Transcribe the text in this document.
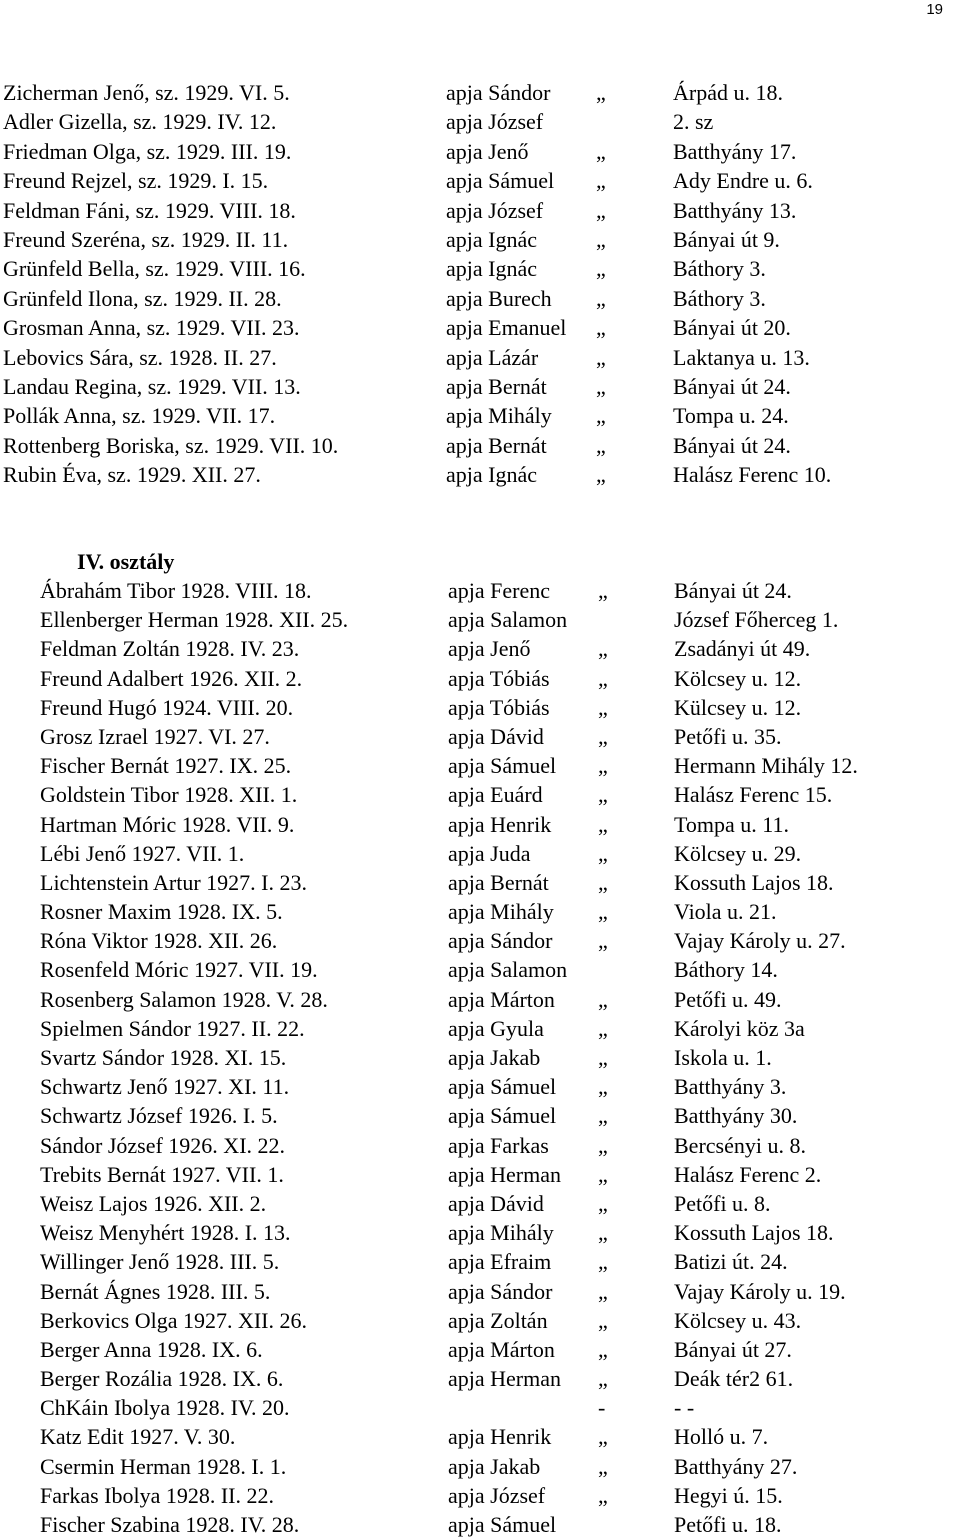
19
Zicherman Jenő, sz. 1929. VI. 5.	apja Sándor „	Árpád u. 18.
Adler Gizella, sz. 1929. IV. 12.	apja József	2. sz
Friedman Olga, sz. 1929. III. 19.	apja Jenő	„	Batthyány 17.
Freund Rejzel, sz. 1929. I. 15.	apja Sámuel „	Ady Endre u. 6.
Feldman Fáni, sz. 1929. VIII. 18.	apja József „	Batthyány 13.
Freund Szeréna, sz. 1929. II. 11.	apja Ignác	„	Bányai út 9.
Grünfeld Bella, sz. 1929. VIII. 16.	apja Ignác	„	Báthory 3.
Grünfeld Ilona, sz. 1929. II. 28.	apja Burech „	Báthory 3.
Grosman Anna, sz. 1929. VII. 23.	apja Emanuel „	Bányai út 20.
Lebovics Sára, sz. 1928. II. 27.	apja Lázár	„	Laktanya u. 13.
Landau Regina, sz. 1929. VII. 13.	apja Bernát „	Bányai út 24.
Pollák Anna, sz. 1929. VII. 17.	apja Mihály „	Tompa u. 24.
Rottenberg Boriska, sz. 1929. VII. 10.	apja Bernát „	Bányai út 24.
Rubin Éva, sz. 1929. XII. 27.	apja Ignác	„	Halász Ferenc 10.
IV. osztály
Ábrahám Tibor 1928. VIII. 18.	apja Ferenc „	Bányai út 24.
Ellenberger Herman 1928. XII. 25.	apja Salamon	József Főherceg 1.
Feldman Zoltán 1928. IV. 23.	apja Jenő	„	Zsadányi út 49.
Freund Adalbert 1926. XII. 2.	apja Tóbiás „	Kölcsey u. 12.
Freund Hugó 1924. VIII. 20.	apja Tóbiás „	Külcsey u. 12.
Grosz Izrael 1927. VI. 27.	apja Dávid „	Petőfi u. 35.
Fischer Bernát 1927. IX. 25.	apja Sámuel „	Hermann Mihály 12.
Goldstein Tibor 1928. XII. 1.	apja Euárd	„	Halász Ferenc 15.
Hartman Móric 1928. VII. 9.	apja Henrik „	Tompa u. 11.
Lébi Jenő 1927. VII. 1.	apja Juda	„	Kölcsey u. 29.
Lichtenstein Artur 1927. I. 23.	apja Bernát „	Kossuth Lajos 18.
Rosner Maxim 1928. IX. 5.	apja Mihály „	Viola u. 21.
Róna Viktor 1928. XII. 26.	apja Sándor „	Vajay Károly u. 27.
Rosenfeld Móric 1927. VII. 19.	apja Salamon	Báthory 14.
Rosenberg Salamon 1928. V. 28.	apja Márton „	Petőfi u. 49.
Spielmen Sándor 1927. II. 22.	apja Gyula „	Károlyi köz 3a
Svartz Sándor 1928. XI. 15.	apja Jakab	„	Iskola u. 1.
Schwartz Jenő 1927. XI. 11.	apja Sámuel „	Batthyány 3.
Schwartz József 1926. I. 5.	apja Sámuel „	Batthyány 30.
Sándor József 1926. XI. 22.	apja Farkas „	Bercsényi u. 8.
Trebits Bernát 1927. VII. 1.	apja Herman „	Halász Ferenc 2.
Weisz Lajos 1926. XII. 2.	apja Dávid „	Petőfi u. 8.
Weisz Menyhért 1928. I. 13.	apja Mihály „	Kossuth Lajos 18.
Willinger Jenő 1928. III. 5.	apja Efraim „	Batizi út. 24.
Bernát Ágnes 1928. III. 5.	apja Sándor „	Vajay Károly u. 19.
Berkovics Olga 1927. XII. 26.	apja Zoltán „	Kölcsey u. 43.
Berger Anna 1928. IX. 6.	apja Márton „	Bányai út 27.
Berger Rozália 1928. IX. 6.	apja Herman „	Deák tér2 61.
ChKáin Ibolya 1928. IV. 20.	-	- -
Katz Edit 1927. V. 30.	apja Henrik „	Holló u. 7.
Csermin Herman 1928. I. 1.	apja Jakab	„	Batthyány 27.
Farkas Ibolya 1928. II. 22.	apja József „	Hegyi ú. 15.
Fischer Szabina 1928. IV. 28.	apja Sámuel	Petőfi u. 18.
